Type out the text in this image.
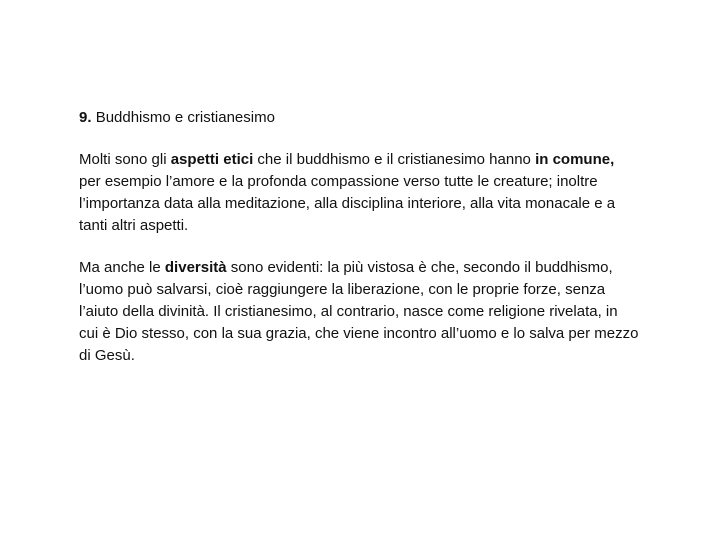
9. Buddhismo e cristianesimo

Molti sono gli aspetti etici che il buddhismo e il cristianesimo hanno in comune, per esempio l’amore e la profonda compassione verso tutte le creature; inoltre l’importanza data alla meditazione, alla disciplina interiore, alla vita monacale e a tanti altri aspetti.

Ma anche le diversità sono evidenti: la più vistosa è che, secondo il buddhismo, l’uomo può salvarsi, cioè raggiungere la liberazione, con le proprie forze, senza l’aiuto della divinità. Il cristianesimo, al contrario, nasce come religione rivelata, in cui è Dio stesso, con la sua grazia, che viene incontro all’uomo e lo salva per mezzo di Gesù.
